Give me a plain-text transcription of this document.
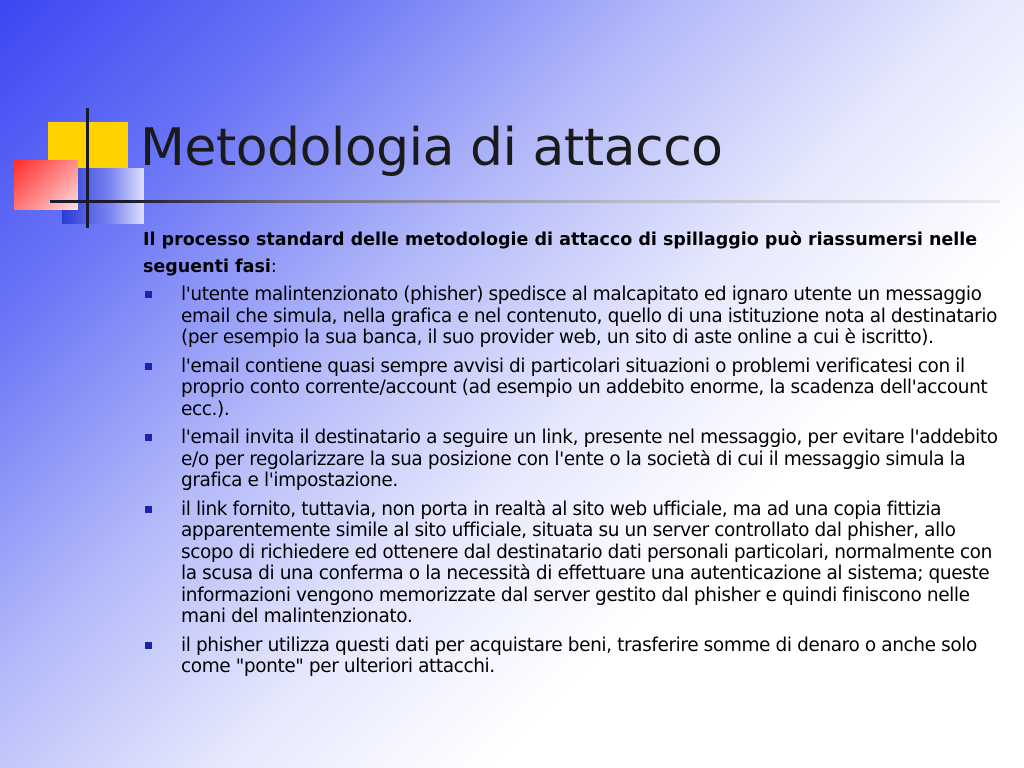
Metodologia di attacco

Il processo standard delle metodologie di attacco di spillaggio può riassumersi nelle seguenti fasi:

l'utente malintenzionato (phisher) spedisce al malcapitato ed ignaro utente un messaggio email che simula, nella grafica e nel contenuto, quello di una istituzione nota al destinatario (per esempio la sua banca, il suo provider web, un sito di aste online a cui è iscritto).
l'email contiene quasi sempre avvisi di particolari situazioni o problemi verificatesi con il proprio conto corrente/account (ad esempio un addebito enorme, la scadenza dell'account ecc.).
l'email invita il destinatario a seguire un link, presente nel messaggio, per evitare l'addebito e/o per regolarizzare la sua posizione con l'ente o la società di cui il messaggio simula la grafica e l'impostazione.
il link fornito, tuttavia, non porta in realtà al sito web ufficiale, ma ad una copia fittizia apparentemente simile al sito ufficiale, situata su un server controllato dal phisher, allo scopo di richiedere ed ottenere dal destinatario dati personali particolari, normalmente con la scusa di una conferma o la necessità di effettuare una autenticazione al sistema; queste informazioni vengono memorizzate dal server gestito dal phisher e quindi finiscono nelle mani del malintenzionato.
il phisher utilizza questi dati per acquistare beni, trasferire somme di denaro o anche solo come "ponte" per ulteriori attacchi.
